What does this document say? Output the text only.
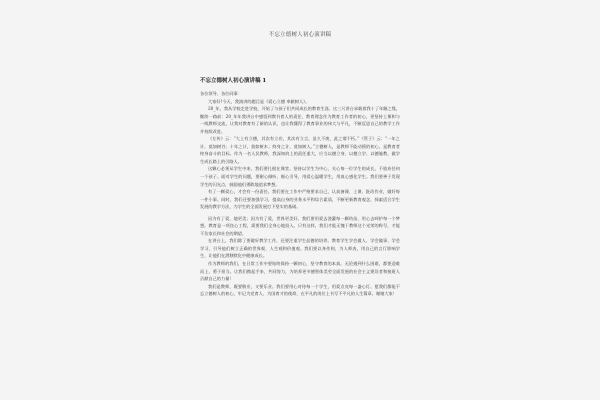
不忘立德树人初心演讲稿
不忘立德树人初心演讲稿 1

各位领导、各位同事：

大家好!今天，我演讲的题目是《爱心立德 奉献树人》。

20_年，我从学校走进学校，开始了与孩子们共同成长的教育生涯。这三尺讲台承载着我十了年解之缘，继续一路前：20_年年我讲台中感悟到教书育人的责任，教育理念作为教育工作者的初心，更坚持上课和与一线教师交流，让我对教育有了新的认识，也让我懂得了教育事业的伟大与平凡，不断反思自己的教学工作并持续改进。

《左传》云：“大上有立德，其次有立功，其次有立言，虽久不废，此之谓不朽。”《管子》云：“一年之计，莫如树谷；十年之计，莫如树木；终身之计，莫如树人。”立德树人，是教师不能动摇的初心，是教育者终身奋斗的目标。作为一名人民教师，我深知肩上的责任重大，应当以德立身、以德立学、以德施教，做学生成长路上的引路人。

这颗心必须从学生中来，我们要扎根在课堂。坚持以学生为中心，关心每一位学生的成长，不放弃任何一个孩子。面对学生的问题，要耐心倾听、细心引导，用爱心温暖学生，用真心感化学生。我们要善于发现学生的闪光点，鼓励他们勇敢地追求梦想。

有了一颗爱心，才会有一份责任。我们要在工作中严格要求自己，认真备课、上课、批改作业，做好每一件小事。同时，我们还要加强学习，提高自身的业务水平和综合素质，不断更新教育观念，探索适合学生发展的教学方法，为学生的全面发展打下坚实的基础。

因为有了爱，地更美；因为有了爱，世界更美好。我们要用爱去浇灌每一颗幼苗，用心去呵护每一个梦想。教育是一项良心工程，需要我们全身心地投入。只有这样，我们才能无愧于教师这个光荣的称号，才能不负家长和社会的期望。

在讲台上，我们除了要做好教学工作，还要注重学生品德的培养。教育学生学会做人、学会做事、学会学习，引导他们树立正确的世界观、人生观和价值观。我们要以身作则，为人师表，用自己的言行影响学生，让他们在潜移默化中健康成长。

作为教师的我们，在日常工作中要始终保持一颗初心，坚守教育的本真。无论遇到什么困难，都要迎难而上，勇于担当。让我们携起手来，共同努力，为培养更多德智体美劳全面发展的社会主义建设者和接班人贡献自己的力量！

我们是教师，既要敬业，又要乐业。我们要用心对待每一个学生，用爱点亮每一盏心灯。愿我们都能不忘立德树人的初心，牢记为党育人、为国育才的使命，在平凡的岗位上书写不平凡的人生篇章。谢谢大家！
